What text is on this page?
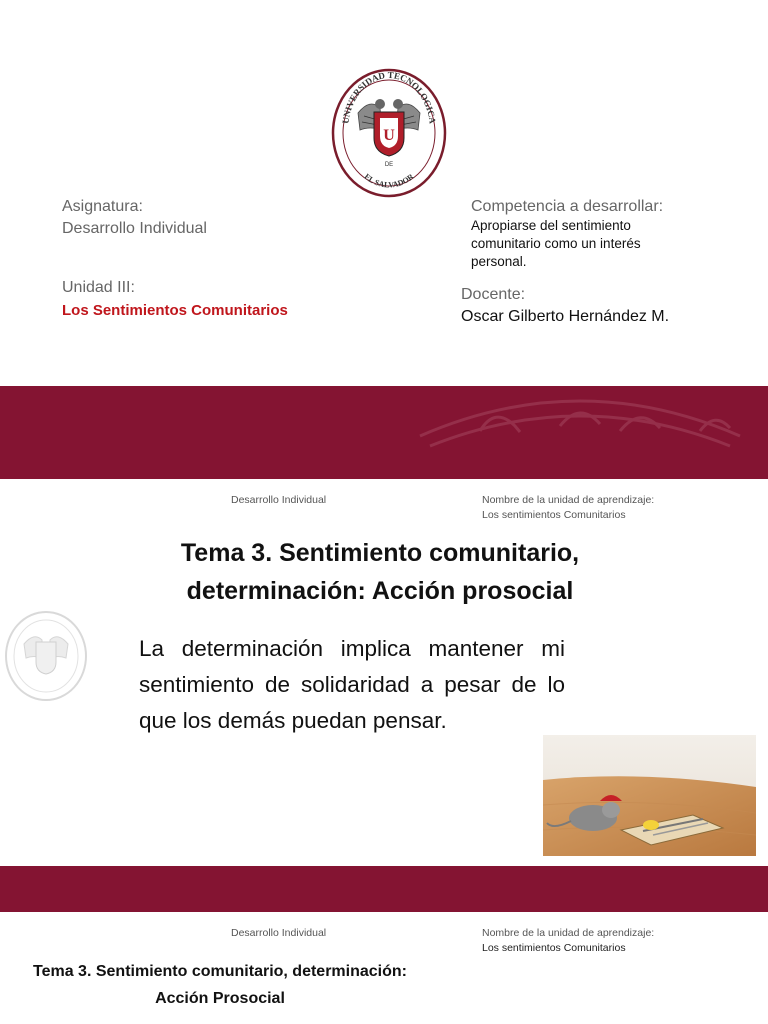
UNIVERSIDAD TECNOLOGICA
EL SALVADOR
U
DE
Asignatura:
Desarrollo Individual
Unidad III:
Los Sentimientos Comunitarios
Competencia a desarrollar:
Apropiarse del sentimiento comunitario como un interés personal.
Docente:
Oscar Gilberto Hernández M.
Desarrollo Individual	Nombre de la unidad de aprendizaje:
Los sentimientos Comunitarios
Tema 3. Sentimiento comunitario,
determinación: Acción prosocial
La determinación implica mantener mi sentimiento de solidaridad a pesar de lo que los demás puedan pensar.
Desarrollo Individual	Nombre de la unidad de aprendizaje:
Los sentimientos Comunitarios
Tema 3. Sentimiento comunitario, determinación:
Acción Prosocial
